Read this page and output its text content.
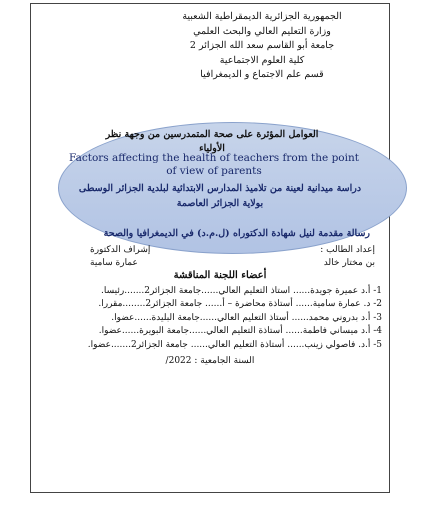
الجمهورية الجزائرية الديمقراطية الشعبية
وزارة التعليم العالي والبحث العلمي
جامعة أبو القاسم سعد الله الجزائر 2
كلية العلوم الاجتماعية
قسم علم الاجتماع و الديمغرافيا
العوامل المؤثرة على صحة المتمدرسين من وجهة نظر
الأولياء
Factors affecting the health of teachers from the point of view of parents
دراسة ميدانية لعينة من تلاميذ المدارس الابتدائية لبلدية الجزائر الوسطى
بولاية الجزائر العاصمة
رسالة مقدمة لنيل شهادة الدكتوراه (ل.م.د) في الديمغرافيا والصحة
إعداد الطالب :
إشراف الدكتورة
بن مختار خالد
عمارة سامية
أعضاء اللجنة المناقشة
1- أ.د عميرة جويدة...... استاذ التعليم العالي......جامعة الجزائر2.......رئيسا.
2- د. عمارة سامية...... أستاذة محاضرة – أ...... جامعة الجزائر2........مقررا.
3- أ.د بدروني محمد...... أستاذ التعليم العالي......جامعة البليدة......عضوا.
4- أ.د ميساني فاطمة...... أستاذة التعليم العالي......جامعة البويرة......عضوا.
5- أ.د. فاصولي زينب...... أستاذة التعليم العالي...... جامعة الجزائر2.......عضوا.
السنة الجامعية : 2022/
